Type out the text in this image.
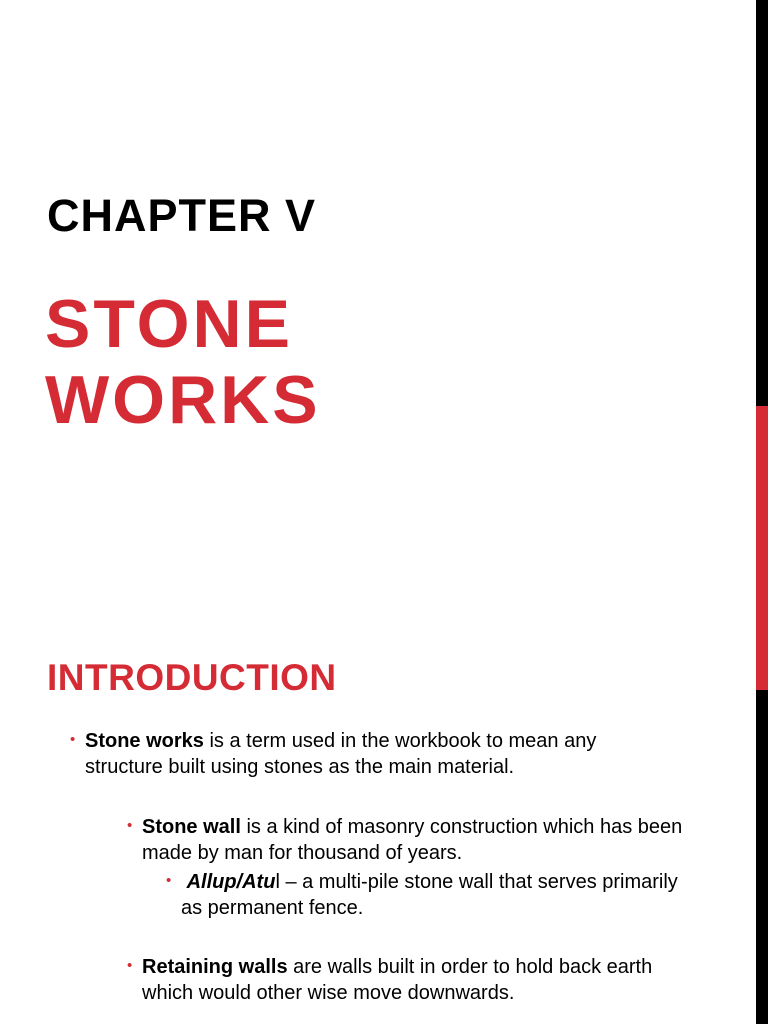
CHAPTER V
STONE
WORKS
INTRODUCTION
• Stone works is a term used in the workbook to mean any structure built using stones as the main material.
• Stone wall is a kind of masonry construction which has been made by man for thousand of years.
• Allup/Atul – a multi-pile stone wall that serves primarily as permanent fence.
• Retaining walls are walls built in order to hold back earth which would other wise move downwards.
